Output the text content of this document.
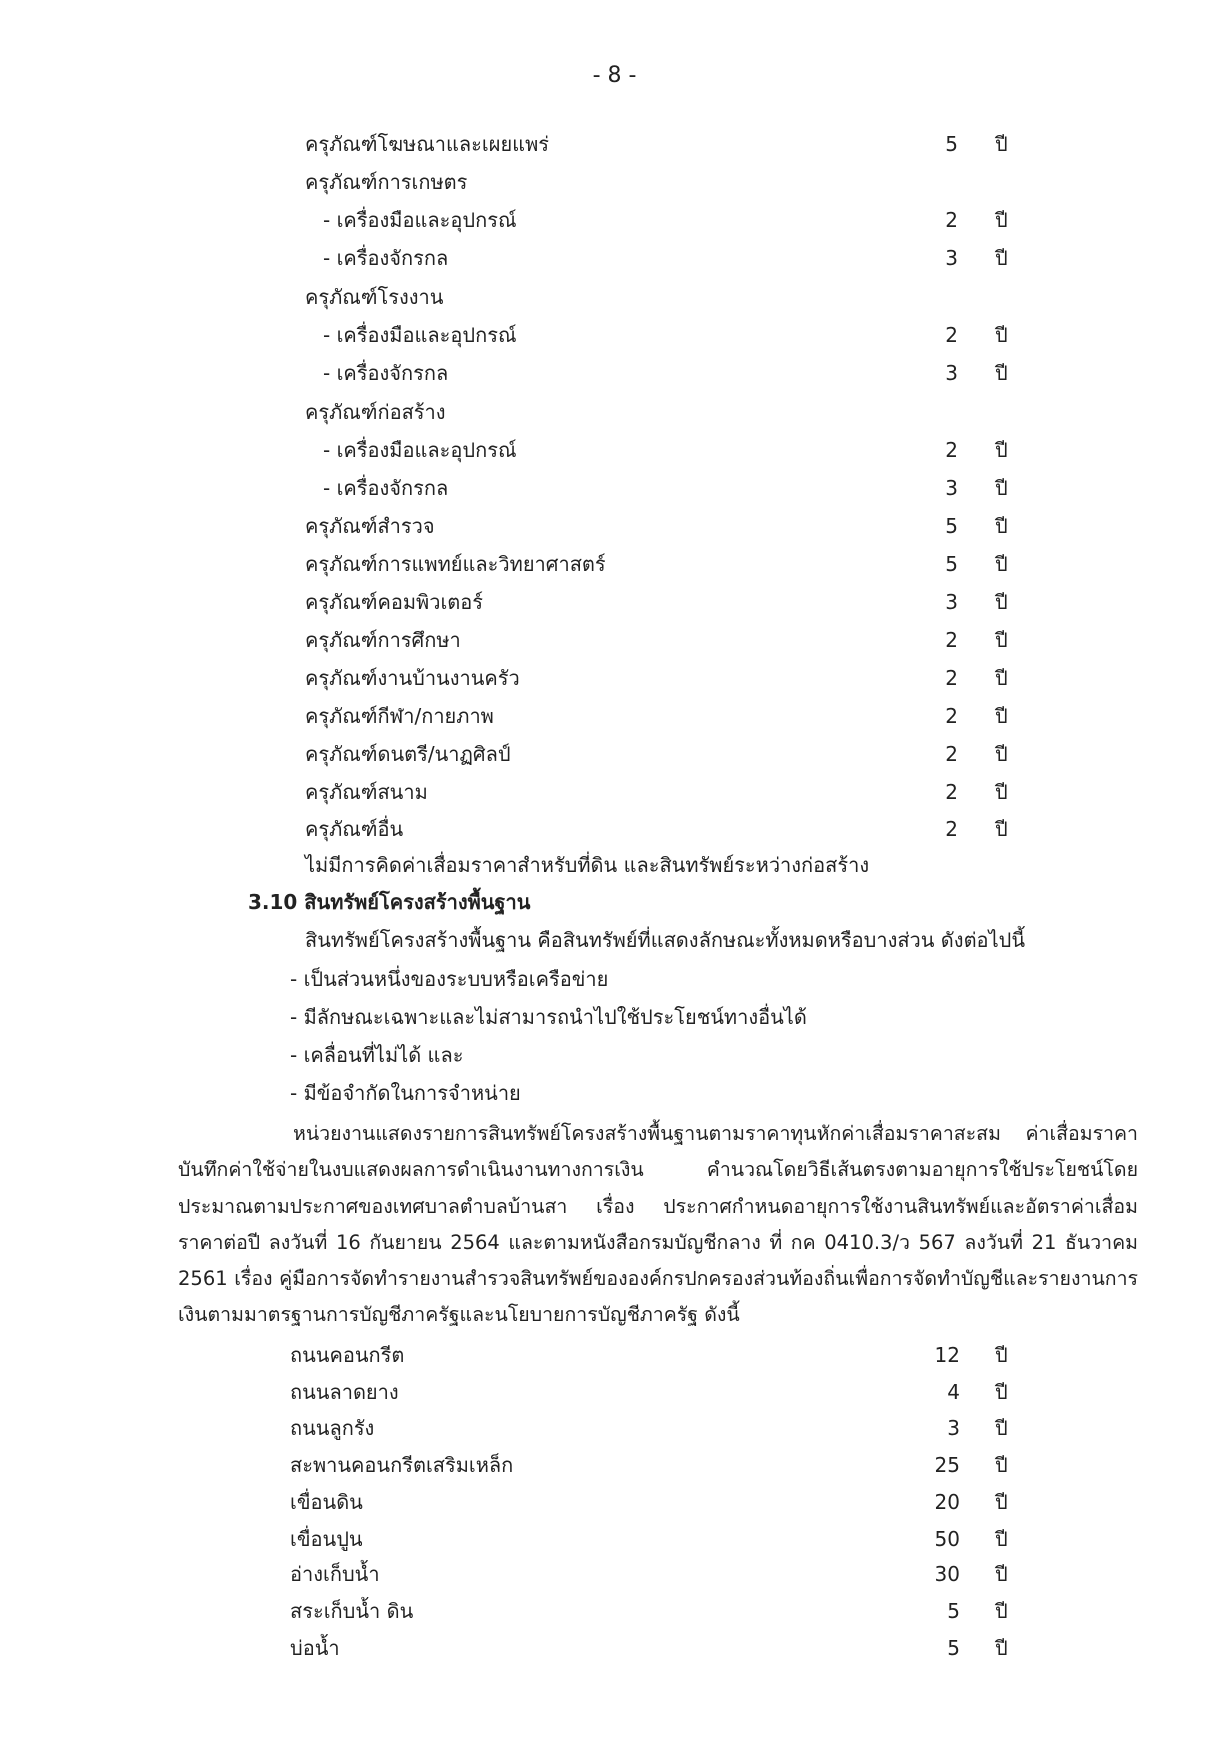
- 8 -
ครุภัณฑ์โฆษณาและเผยแพร่	5 ปี
ครุภัณฑ์การเกษตร
- เครื่องมือและอุปกรณ์	2 ปี
- เครื่องจักรกล	3 ปี
ครุภัณฑ์โรงงาน
- เครื่องมือและอุปกรณ์	2 ปี
- เครื่องจักรกล	3 ปี
ครุภัณฑ์ก่อสร้าง
- เครื่องมือและอุปกรณ์	2 ปี
- เครื่องจักรกล	3 ปี
ครุภัณฑ์สำรวจ	5 ปี
ครุภัณฑ์การแพทย์และวิทยาศาสตร์	5 ปี
ครุภัณฑ์คอมพิวเตอร์	3 ปี
ครุภัณฑ์การศึกษา	2 ปี
ครุภัณฑ์งานบ้านงานครัว	2 ปี
ครุภัณฑ์กีฬา/กายภาพ	2 ปี
ครุภัณฑ์ดนตรี/นาฏศิลป์	2 ปี
ครุภัณฑ์สนาม	2 ปี
ครุภัณฑ์อื่น	2 ปี
ไม่มีการคิดค่าเสื่อมราคาสำหรับที่ดิน และสินทรัพย์ระหว่างก่อสร้าง
3.10 สินทรัพย์โครงสร้างพื้นฐาน
สินทรัพย์โครงสร้างพื้นฐาน คือสินทรัพย์ที่แสดงลักษณะทั้งหมดหรือบางส่วน ดังต่อไปนี้
- เป็นส่วนหนึ่งของระบบหรือเครือข่าย
- มีลักษณะเฉพาะและไม่สามารถนำไปใช้ประโยชน์ทางอื่นได้
- เคลื่อนที่ไม่ได้ และ
- มีข้อจำกัดในการจำหน่าย
หน่วยงานแสดงรายการสินทรัพย์โครงสร้างพื้นฐานตามราคาทุนหักค่าเสื่อมราคาสะสม ค่าเสื่อมราคาบันทึกค่าใช้จ่ายในงบแสดงผลการดำเนินงานทางการเงิน คำนวณโดยวิธีเส้นตรงตามอายุการใช้ประโยชน์โดยประมาณตามประกาศของเทศบาลตำบลบ้านสา เรื่อง ประกาศกำหนดอายุการใช้งานสินทรัพย์และอัตราค่าเสื่อมราคาต่อปี ลงวันที่ 16 กันยายน 2564 และตามหนังสือกรมบัญชีกลาง ที่ กค 0410.3/ว 567 ลงวันที่ 21 ธันวาคม 2561 เรื่อง คู่มือการจัดทำรายงานสำรวจสินทรัพย์ขององค์กรปกครองส่วนท้องถิ่นเพื่อการจัดทำบัญชีและรายงานการเงินตามมาตรฐานการบัญชีภาครัฐและนโยบายการบัญชีภาครัฐ ดังนี้
ถนนคอนกรีต	12 ปี
ถนนลาดยาง	4 ปี
ถนนลูกรัง	3 ปี
สะพานคอนกรีตเสริมเหล็ก	25 ปี
เขื่อนดิน	20 ปี
เขื่อนปูน	50 ปี
อ่างเก็บน้ำ	30 ปี
สระเก็บน้ำ ดิน	5 ปี
บ่อน้ำ	5 ปี
